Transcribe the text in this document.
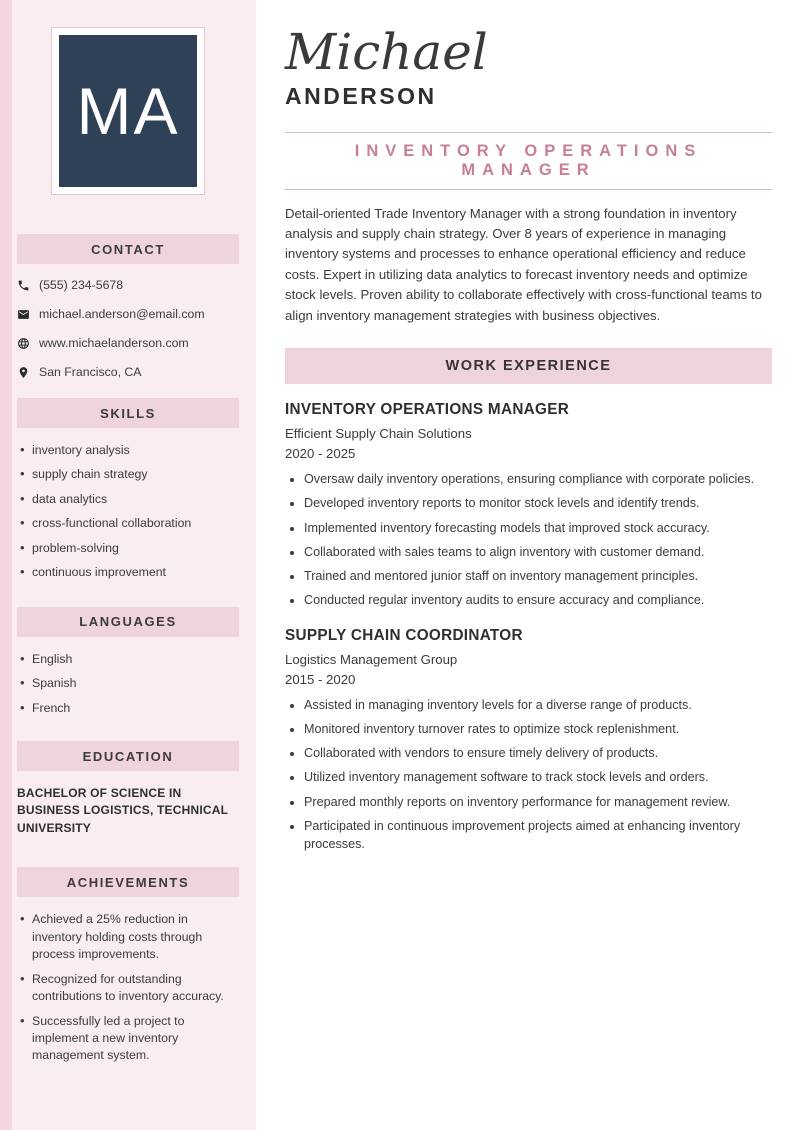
MA
CONTACT
(555) 234-5678
michael.anderson@email.com
www.michaelanderson.com
San Francisco, CA
SKILLS
• inventory analysis
• supply chain strategy
• data analytics
• cross-functional collaboration
• problem-solving
• continuous improvement
LANGUAGES
• English
• Spanish
• French
EDUCATION
BACHELOR OF SCIENCE IN BUSINESS LOGISTICS, TECHNICAL UNIVERSITY
ACHIEVEMENTS
• Achieved a 25% reduction in inventory holding costs through process improvements.
• Recognized for outstanding contributions to inventory accuracy.
• Successfully led a project to implement a new inventory management system.
Michael
ANDERSON
INVENTORY OPERATIONS MANAGER

Detail-oriented Trade Inventory Manager with a strong foundation in inventory analysis and supply chain strategy. Over 8 years of experience in managing inventory systems and processes to enhance operational efficiency and reduce costs. Expert in utilizing data analytics to forecast inventory needs and optimize stock levels. Proven ability to collaborate effectively with cross-functional teams to align inventory management strategies with business objectives.

WORK EXPERIENCE
INVENTORY OPERATIONS MANAGER
Efficient Supply Chain Solutions
2020 - 2025
• Oversaw daily inventory operations, ensuring compliance with corporate policies.
• Developed inventory reports to monitor stock levels and identify trends.
• Implemented inventory forecasting models that improved stock accuracy.
• Collaborated with sales teams to align inventory with customer demand.
• Trained and mentored junior staff on inventory management principles.
• Conducted regular inventory audits to ensure accuracy and compliance.
SUPPLY CHAIN COORDINATOR
Logistics Management Group
2015 - 2020
• Assisted in managing inventory levels for a diverse range of products.
• Monitored inventory turnover rates to optimize stock replenishment.
• Collaborated with vendors to ensure timely delivery of products.
• Utilized inventory management software to track stock levels and orders.
• Prepared monthly reports on inventory performance for management review.
• Participated in continuous improvement projects aimed at enhancing inventory processes.
